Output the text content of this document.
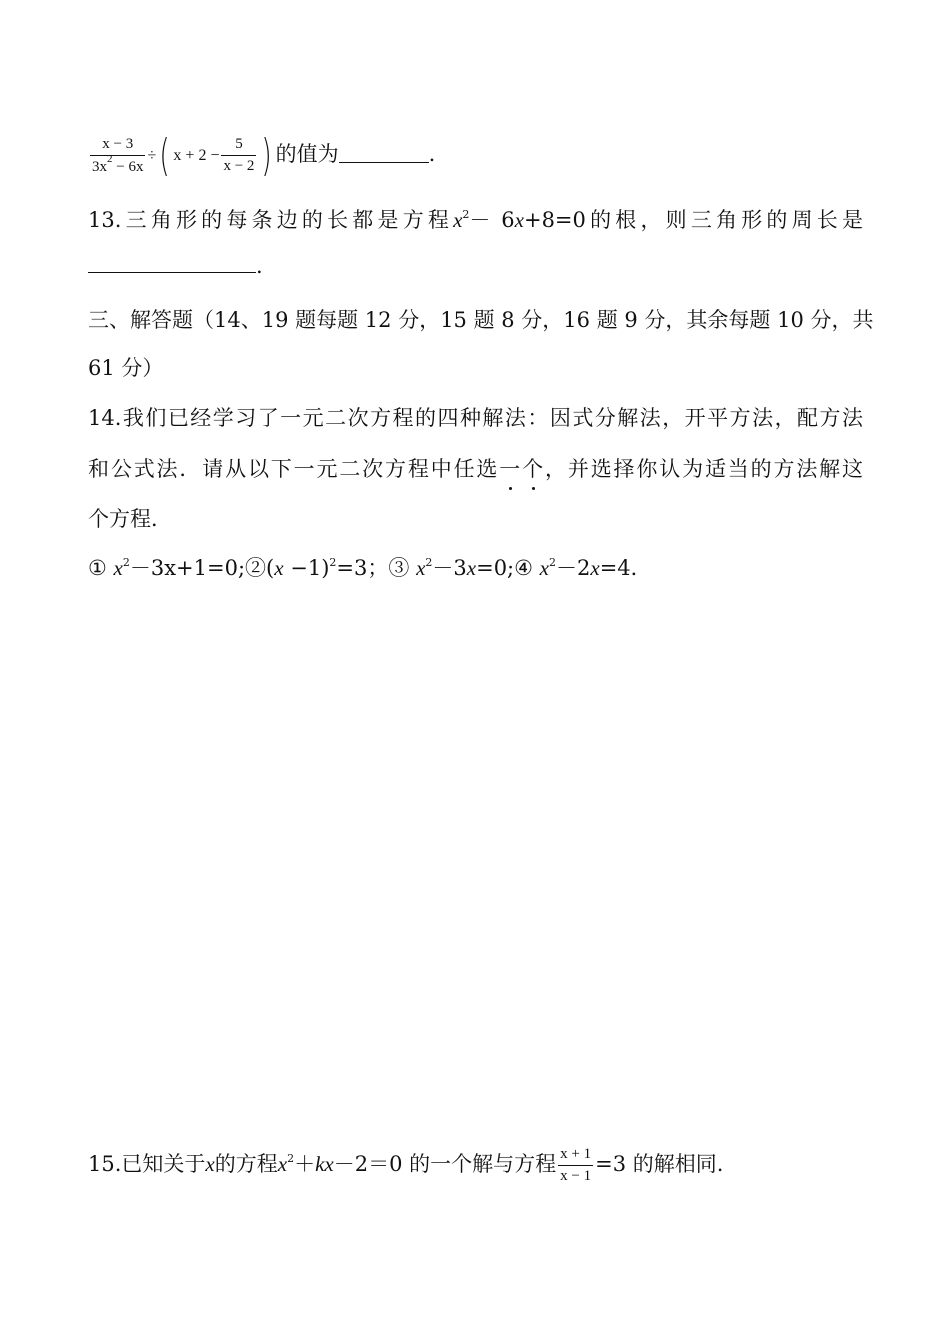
$\frac{x - 3}{3x^2 - 6x}$ ÷( $x + 2 - \frac{5}{x - 2}$ ) 的值为	.
13.三角形的每条边的长都是方程$x^2- 6x+8=0$的根，则三角形的周长是
.
三、解答题（14、19 题每题 12 分，15 题 8 分，16 题 9 分，其余每题 10 分，共
61 分）
14.我们已经学习了一元二次方程的四种解法：因式分解法，开平方法，配方法
和公式法．请从以下一元二次方程中任选一个，并选择你认为适当的方法解这
个方程．
① $x^2-3x+1=0;②(x -1)^2=3$；③ $x^2-3x=0;④$ $x^2-2x=4$．
15.已知关于x的方程$x^2+kx-2=0$ 的一个解与方程 $\frac{x + 1}{x - 1} =3$ 的解相同.
